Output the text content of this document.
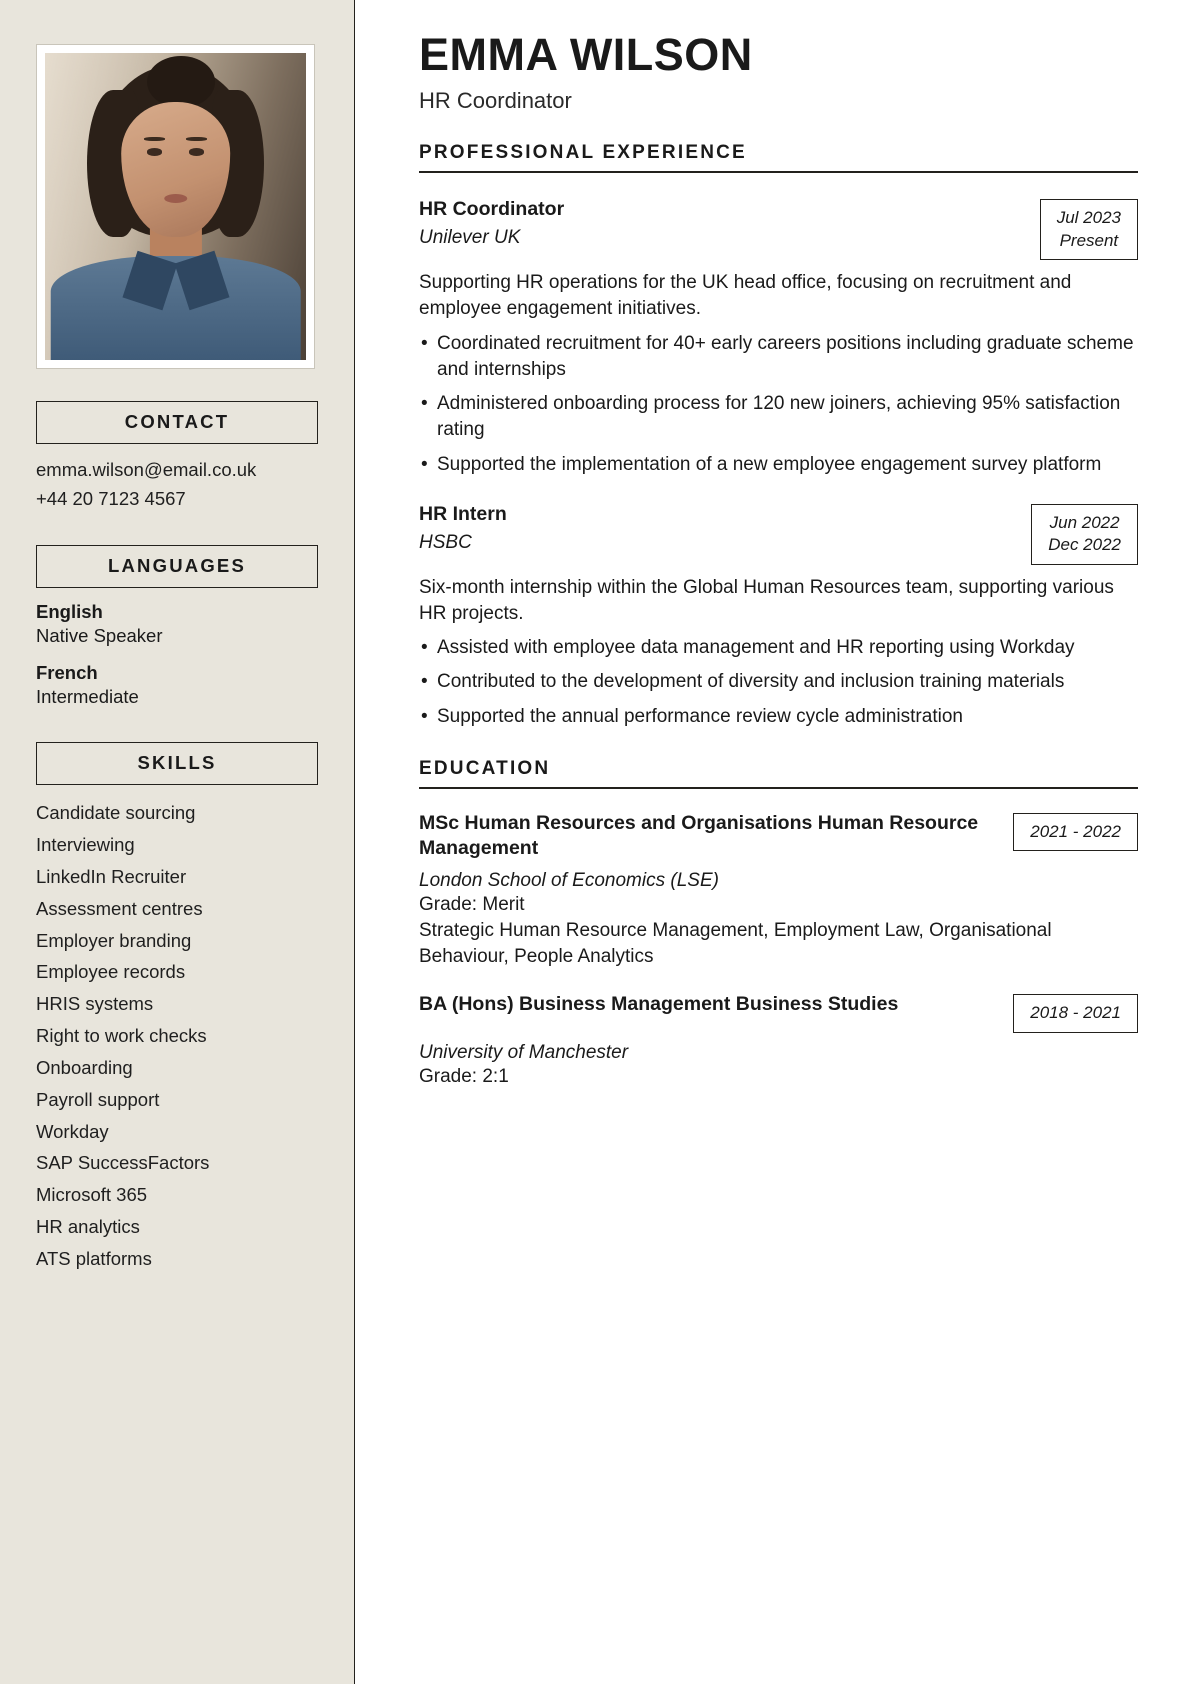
CONTACT
emma.wilson@email.co.uk
+44 20 7123 4567
LANGUAGES
English
Native Speaker
French
Intermediate
SKILLS
Candidate sourcing
Interviewing
LinkedIn Recruiter
Assessment centres
Employer branding
Employee records
HRIS systems
Right to work checks
Onboarding
Payroll support
Workday
SAP SuccessFactors
Microsoft 365
HR analytics
ATS platforms
EMMA WILSON
HR Coordinator
PROFESSIONAL EXPERIENCE
HR Coordinator
Unilever UK
Jul 2023
Present
Supporting HR operations for the UK head office, focusing on recruitment and employee engagement initiatives.
• Coordinated recruitment for 40+ early careers positions including graduate scheme and internships
• Administered onboarding process for 120 new joiners, achieving 95% satisfaction rating
• Supported the implementation of a new employee engagement survey platform
HR Intern
HSBC
Jun 2022
Dec 2022
Six-month internship within the Global Human Resources team, supporting various HR projects.
• Assisted with employee data management and HR reporting using Workday
• Contributed to the development of diversity and inclusion training materials
• Supported the annual performance review cycle administration
EDUCATION
MSc Human Resources and Organisations Human Resource Management
2021 - 2022
London School of Economics (LSE)
Grade: Merit
Strategic Human Resource Management, Employment Law, Organisational Behaviour, People Analytics
BA (Hons) Business Management Business Studies	2018 - 2021
University of Manchester
Grade: 2:1
